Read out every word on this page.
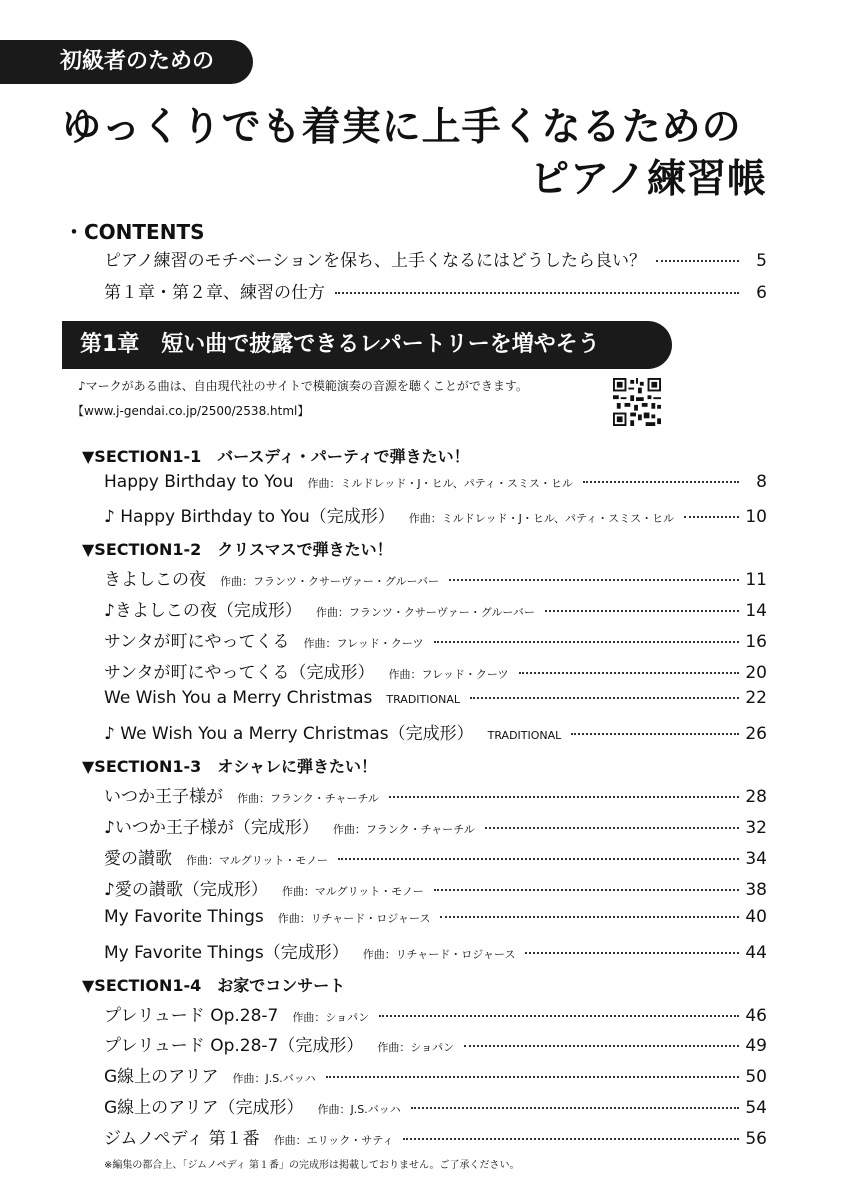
初級者のための
ゆっくりでも着実に上手くなるための
ピアノ練習帳
・CONTENTS
ピアノ練習のモチベーションを保ち、上手くなるにはどうしたら良い？	5
第１章・第２章、練習の仕方	6
第1章　短い曲で披露できるレパートリーを増やそう
♪マークがある曲は、自由現代社のサイトで模範演奏の音源を聴くことができます。
【www.j-gendai.co.jp/2500/2538.html】
▼SECTION1-1　バースディ・パーティで弾きたい！
Happy Birthday to You 作曲：ミルドレッド・J・ヒル、パティ・スミス・ヒル	8
♪ Happy Birthday to You（完成形） 作曲：ミルドレッド・J・ヒル、パティ・スミス・ヒル	10
▼SECTION1-2　クリスマスで弾きたい！
きよしこの夜 作曲：フランツ・クサーヴァー・グルーバー	11
♪きよしこの夜（完成形） 作曲：フランツ・クサーヴァー・グルーバー	14
サンタが町にやってくる 作曲：フレッド・クーツ	16
サンタが町にやってくる（完成形） 作曲：フレッド・クーツ	20
We Wish You a Merry Christmas TRADITIONAL	22
♪ We Wish You a Merry Christmas（完成形） TRADITIONAL	26
▼SECTION1-3　オシャレに弾きたい！
いつか王子様が 作曲：フランク・チャーチル	28
♪いつか王子様が（完成形） 作曲：フランク・チャーチル	32
愛の讃歌 作曲：マルグリット・モノー	34
♪愛の讃歌（完成形） 作曲：マルグリット・モノー	38
My Favorite Things 作曲：リチャード・ロジャース	40
My Favorite Things（完成形） 作曲：リチャード・ロジャース	44
▼SECTION1-4　お家でコンサート
プレリュード Op.28-7 作曲：ショパン	46
プレリュード Op.28-7（完成形） 作曲：ショパン	49
G線上のアリア 作曲：J.S.バッハ	50
G線上のアリア（完成形） 作曲：J.S.バッハ	54
ジムノペディ 第１番 作曲：エリック・サティ	56
※編集の都合上、「ジムノペディ 第１番」の完成形は掲載しておりません。ご了承ください。
